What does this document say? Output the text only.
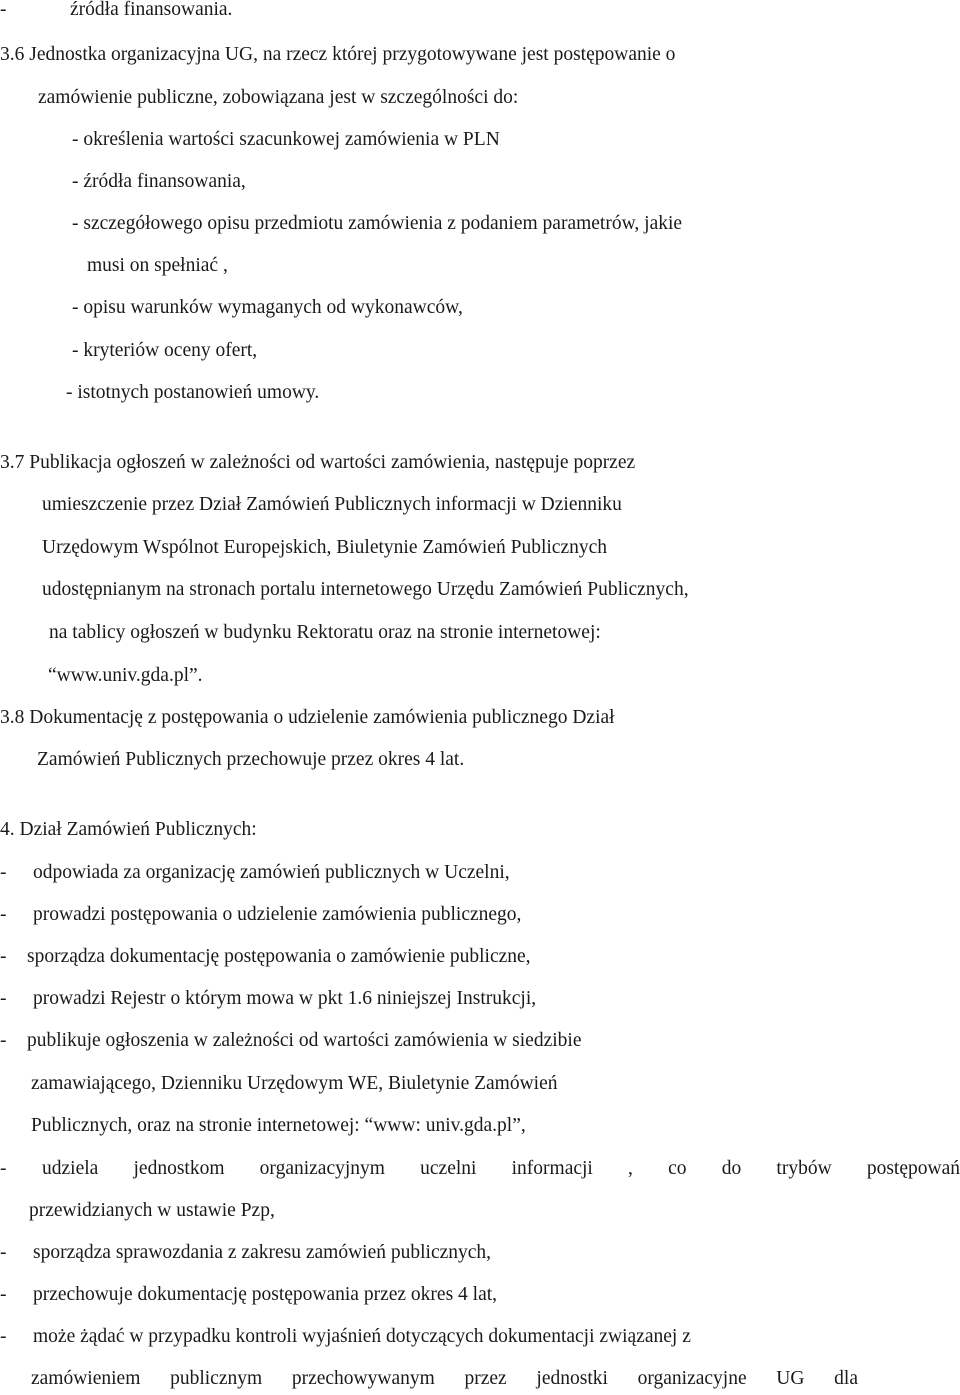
-	źródła finansowania.
3.6 Jednostka organizacyjna UG, na rzecz której przygotowywane jest postępowanie o
zamówienie publiczne, zobowiązana jest w szczególności do:
- określenia wartości szacunkowej zamówienia w PLN
- źródła finansowania,
- szczegółowego opisu przedmiotu zamówienia z podaniem parametrów, jakie
musi on spełniać ,
- opisu warunków wymaganych od wykonawców,
- kryteriów oceny ofert,
- istotnych postanowień umowy.
3.7 Publikacja ogłoszeń w zależności od wartości zamówienia, następuje poprzez
umieszczenie przez Dział Zamówień Publicznych informacji w Dzienniku
Urzędowym Wspólnot Europejskich, Biuletynie Zamówień Publicznych
udostępnianym na stronach portalu internetowego Urzędu Zamówień Publicznych,
na tablicy ogłoszeń w budynku Rektoratu oraz na stronie internetowej:
“www.univ.gda.pl”.
3.8 Dokumentację z postępowania o udzielenie zamówienia publicznego Dział
Zamówień Publicznych przechowuje przez okres 4 lat.
4. Dział Zamówień Publicznych:
- odpowiada za organizację zamówień publicznych w Uczelni,
- prowadzi postępowania o udzielenie zamówienia publicznego,
- sporządza dokumentację postępowania o zamówienie publiczne,
- prowadzi Rejestr o którym mowa w pkt 1.6 niniejszej Instrukcji,
- publikuje ogłoszenia w zależności od wartości zamówienia w siedzibie
zamawiającego, Dzienniku Urzędowym WE, Biuletynie Zamówień
Publicznych, oraz na stronie internetowej: “www: univ.gda.pl”,
- udziela jednostkom organizacyjnym uczelni informacji , co do trybów postępowań
przewidzianych w ustawie Pzp,
- sporządza sprawozdania z zakresu zamówień publicznych,
- przechowuje dokumentację postępowania przez okres 4 lat,
- może żądać w przypadku kontroli wyjaśnień dotyczących dokumentacji związanej z
zamówieniem publicznym przechowywanym przez jednostki organizacyjne UG dla
